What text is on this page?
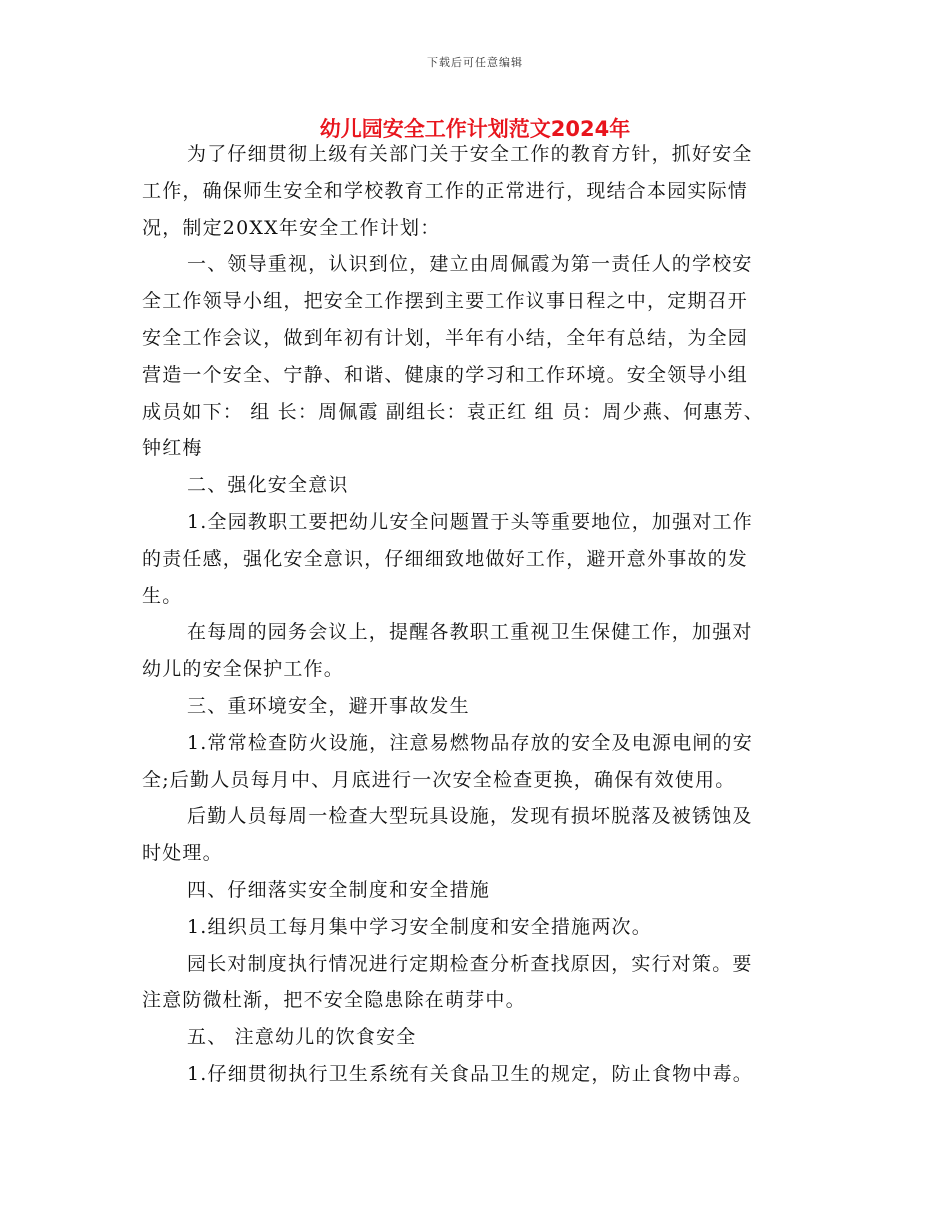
下载后可任意编辑
幼儿园安全工作计划范文2024年
为了仔细贯彻上级有关部门关于安全工作的教育方针，抓好安全
工作，确保师生安全和学校教育工作的正常进行，现结合本园实际情
况，制定20XX年安全工作计划：
一、领导重视，认识到位，建立由周佩霞为第一责任人的学校安
全工作领导小组，把安全工作摆到主要工作议事日程之中，定期召开
安全工作会议，做到年初有计划，半年有小结，全年有总结，为全园
营造一个安全、宁静、和谐、健康的学习和工作环境。安全领导小组
成员如下： 组 长：周佩霞 副组长：袁正红 组 员：周少燕、何惠芳、
钟红梅
二、强化安全意识
1.全园教职工要把幼儿安全问题置于头等重要地位，加强对工作
的责任感，强化安全意识，仔细细致地做好工作，避开意外事故的发
生。
在每周的园务会议上，提醒各教职工重视卫生保健工作，加强对
幼儿的安全保护工作。
三、重环境安全，避开事故发生
1.常常检查防火设施，注意易燃物品存放的安全及电源电闸的安
全;后勤人员每月中、月底进行一次安全检查更换，确保有效使用。
后勤人员每周一检查大型玩具设施，发现有损坏脱落及被锈蚀及
时处理。
四、仔细落实安全制度和安全措施
1.组织员工每月集中学习安全制度和安全措施两次。
园长对制度执行情况进行定期检查分析查找原因，实行对策。要
注意防微杜渐，把不安全隐患除在萌芽中。
五、 注意幼儿的饮食安全
1.仔细贯彻执行卫生系统有关食品卫生的规定，防止食物中毒。
